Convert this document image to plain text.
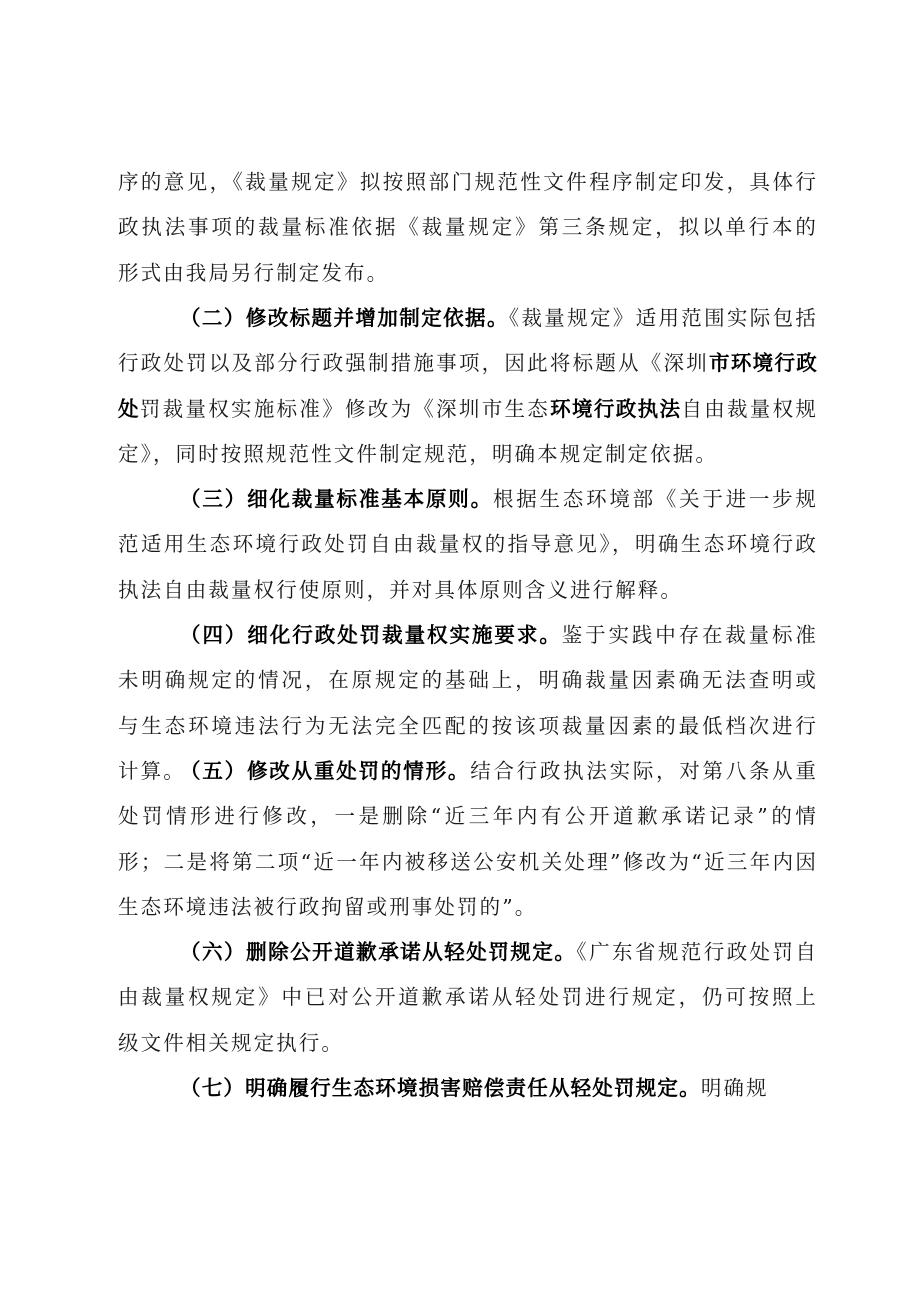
序的意见，《裁量规定》拟按照部门规范性文件程序制定印发，具体行政执法事项的裁量标准依据《裁量规定》第三条规定，拟以单行本的形式由我局另行制定发布。

（二）修改标题并增加制定依据。《裁量规定》适用范围实际包括行政处罚以及部分行政强制措施事项，因此将标题从《深圳市环境行政处罚裁量权实施标准》修改为《深圳市生态环境行政执法自由裁量权规定》，同时按照规范性文件制定规范，明确本规定制定依据。

（三）细化裁量标准基本原则。根据生态环境部《关于进一步规范适用生态环境行政处罚自由裁量权的指导意见》，明确生态环境行政执法自由裁量权行使原则，并对具体原则含义进行解释。

（四）细化行政处罚裁量权实施要求。鉴于实践中存在裁量标准未明确规定的情况，在原规定的基础上，明确裁量因素确无法查明或与生态环境违法行为无法完全匹配的按该项裁量因素的最低档次进行计算。

（五）修改从重处罚的情形。结合行政执法实际，对第八条从重处罚情形进行修改，一是删除“近三年内有公开道歉承诺记录”的情形；二是将第二项“近一年内被移送公安机关处理”修改为“近三年内因生态环境违法被行政拘留或刑事处罚的”。

（六）删除公开道歉承诺从轻处罚规定。《广东省规范行政处罚自由裁量权规定》中已对公开道歉承诺从轻处罚进行规定，仍可按照上级文件相关规定执行。

（七）明确履行生态环境损害赔偿责任从轻处罚规定。明确规
